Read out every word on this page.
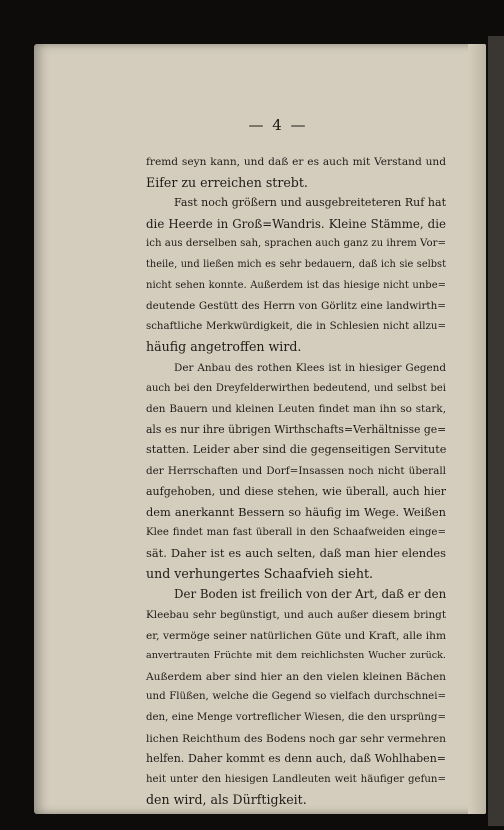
— 4 —
fremd seyn kann, und daß er es auch mit Verstand und
Eifer zu erreichen strebt.
Fast noch größern und ausgebreiteteren Ruf hat
die Heerde in Groß=Wandris. Kleine Stämme, die
ich aus derselben sah, sprachen auch ganz zu ihrem Vor=
theile, und ließen mich es sehr bedauern, daß ich sie selbst
nicht sehen konnte. Außerdem ist das hiesige nicht unbe=
deutende Gestütt des Herrn von Görlitz eine landwirth=
schaftliche Merkwürdigkeit, die in Schlesien nicht allzu=
häufig angetroffen wird.
Der Anbau des rothen Klees ist in hiesiger Gegend
auch bei den Dreyfelderwirthen bedeutend, und selbst bei
den Bauern und kleinen Leuten findet man ihn so stark,
als es nur ihre übrigen Wirthschafts=Verhältnisse ge=
statten. Leider aber sind die gegenseitigen Servitute
der Herrschaften und Dorf=Insassen noch nicht überall
aufgehoben, und diese stehen, wie überall, auch hier
dem anerkannt Bessern so häufig im Wege. Weißen
Klee findet man fast überall in den Schaafweiden einge=
sät. Daher ist es auch selten, daß man hier elendes
und verhungertes Schaafvieh sieht.
Der Boden ist freilich von der Art, daß er den
Kleebau sehr begünstigt, und auch außer diesem bringt
er, vermöge seiner natürlichen Güte und Kraft, alle ihm
anvertrauten Früchte mit dem reichlichsten Wucher zurück.
Außerdem aber sind hier an den vielen kleinen Bächen
und Flüßen, welche die Gegend so vielfach durchschnei=
den, eine Menge vortreflicher Wiesen, die den ursprüng=
lichen Reichthum des Bodens noch gar sehr vermehren
helfen. Daher kommt es denn auch, daß Wohlhaben=
heit unter den hiesigen Landleuten weit häufiger gefun=
den wird, als Dürftigkeit.
